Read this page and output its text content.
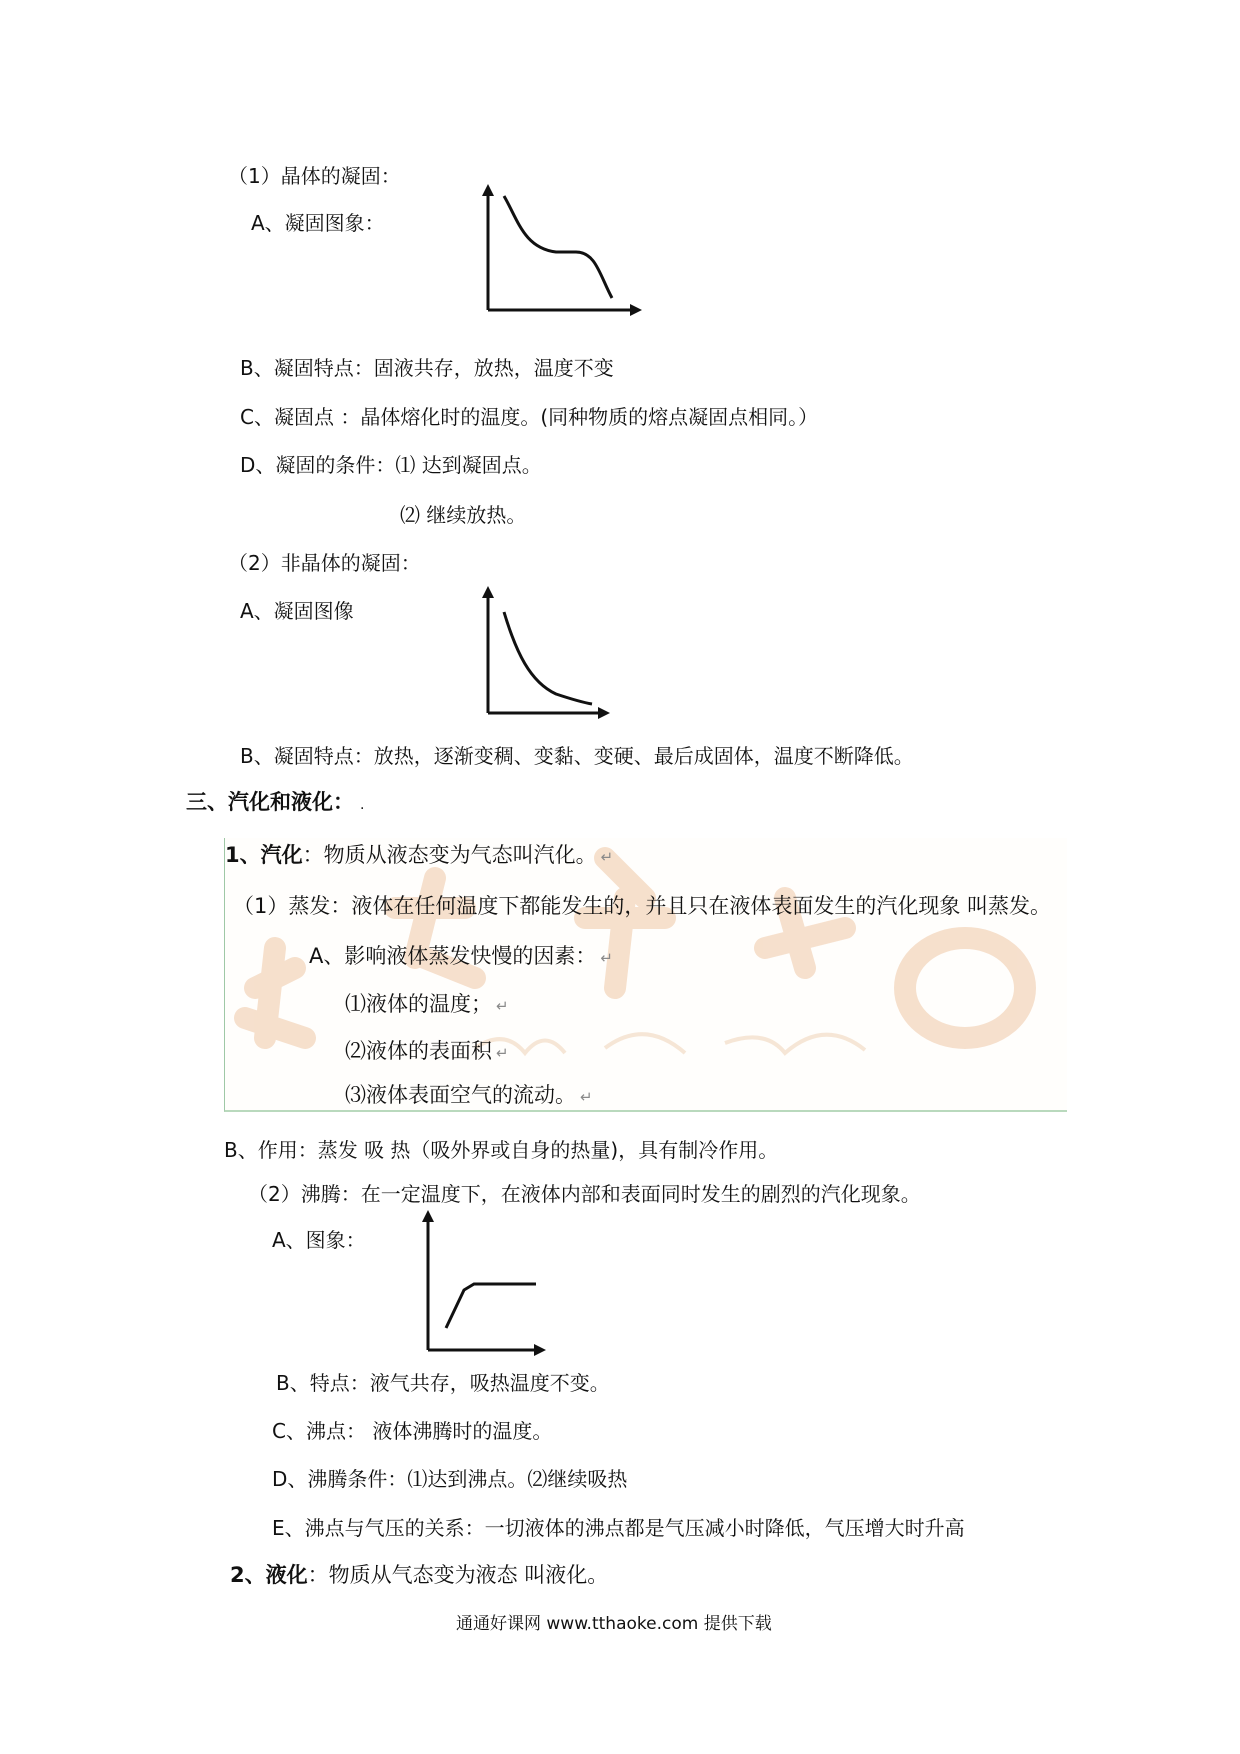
（1）晶体的凝固：
A、凝固图象：
B、凝固特点：固液共存，放热，温度不变
C、凝固点 ：晶体熔化时的温度。(同种物质的熔点凝固点相同。）
D、凝固的条件：⑴ 达到凝固点。
⑵ 继续放热。
（2）非晶体的凝固：
A、凝固图像
B、凝固特点：放热，逐渐变稠、变黏、变硬、最后成固体，温度不断降低。
三、汽化和液化： .
1、汽化：物质从液态变为气态叫汽化。 ↵
（1）蒸发：液体在任何温度下都能发生的，并且只在液体表面发生的汽化现象 叫蒸发。
A、影响液体蒸发快慢的因素： ↵
⑴液体的温度； ↵
⑵液体的表面积 ↵
⑶液体表面空气的流动。 ↵
B、作用：蒸发 吸 热（吸外界或自身的热量)，具有制冷作用。
（2）沸腾：在一定温度下，在液体内部和表面同时发生的剧烈的汽化现象。
A、图象：
B、特点：液气共存，吸热温度不变。
C、沸点： 液体沸腾时的温度。
D、沸腾条件：⑴达到沸点。⑵继续吸热
E、沸点与气压的关系：一切液体的沸点都是气压减小时降低，气压增大时升高
2、液化：物质从气态变为液态 叫液化。
通通好课网 www.tthaoke.com 提供下载
